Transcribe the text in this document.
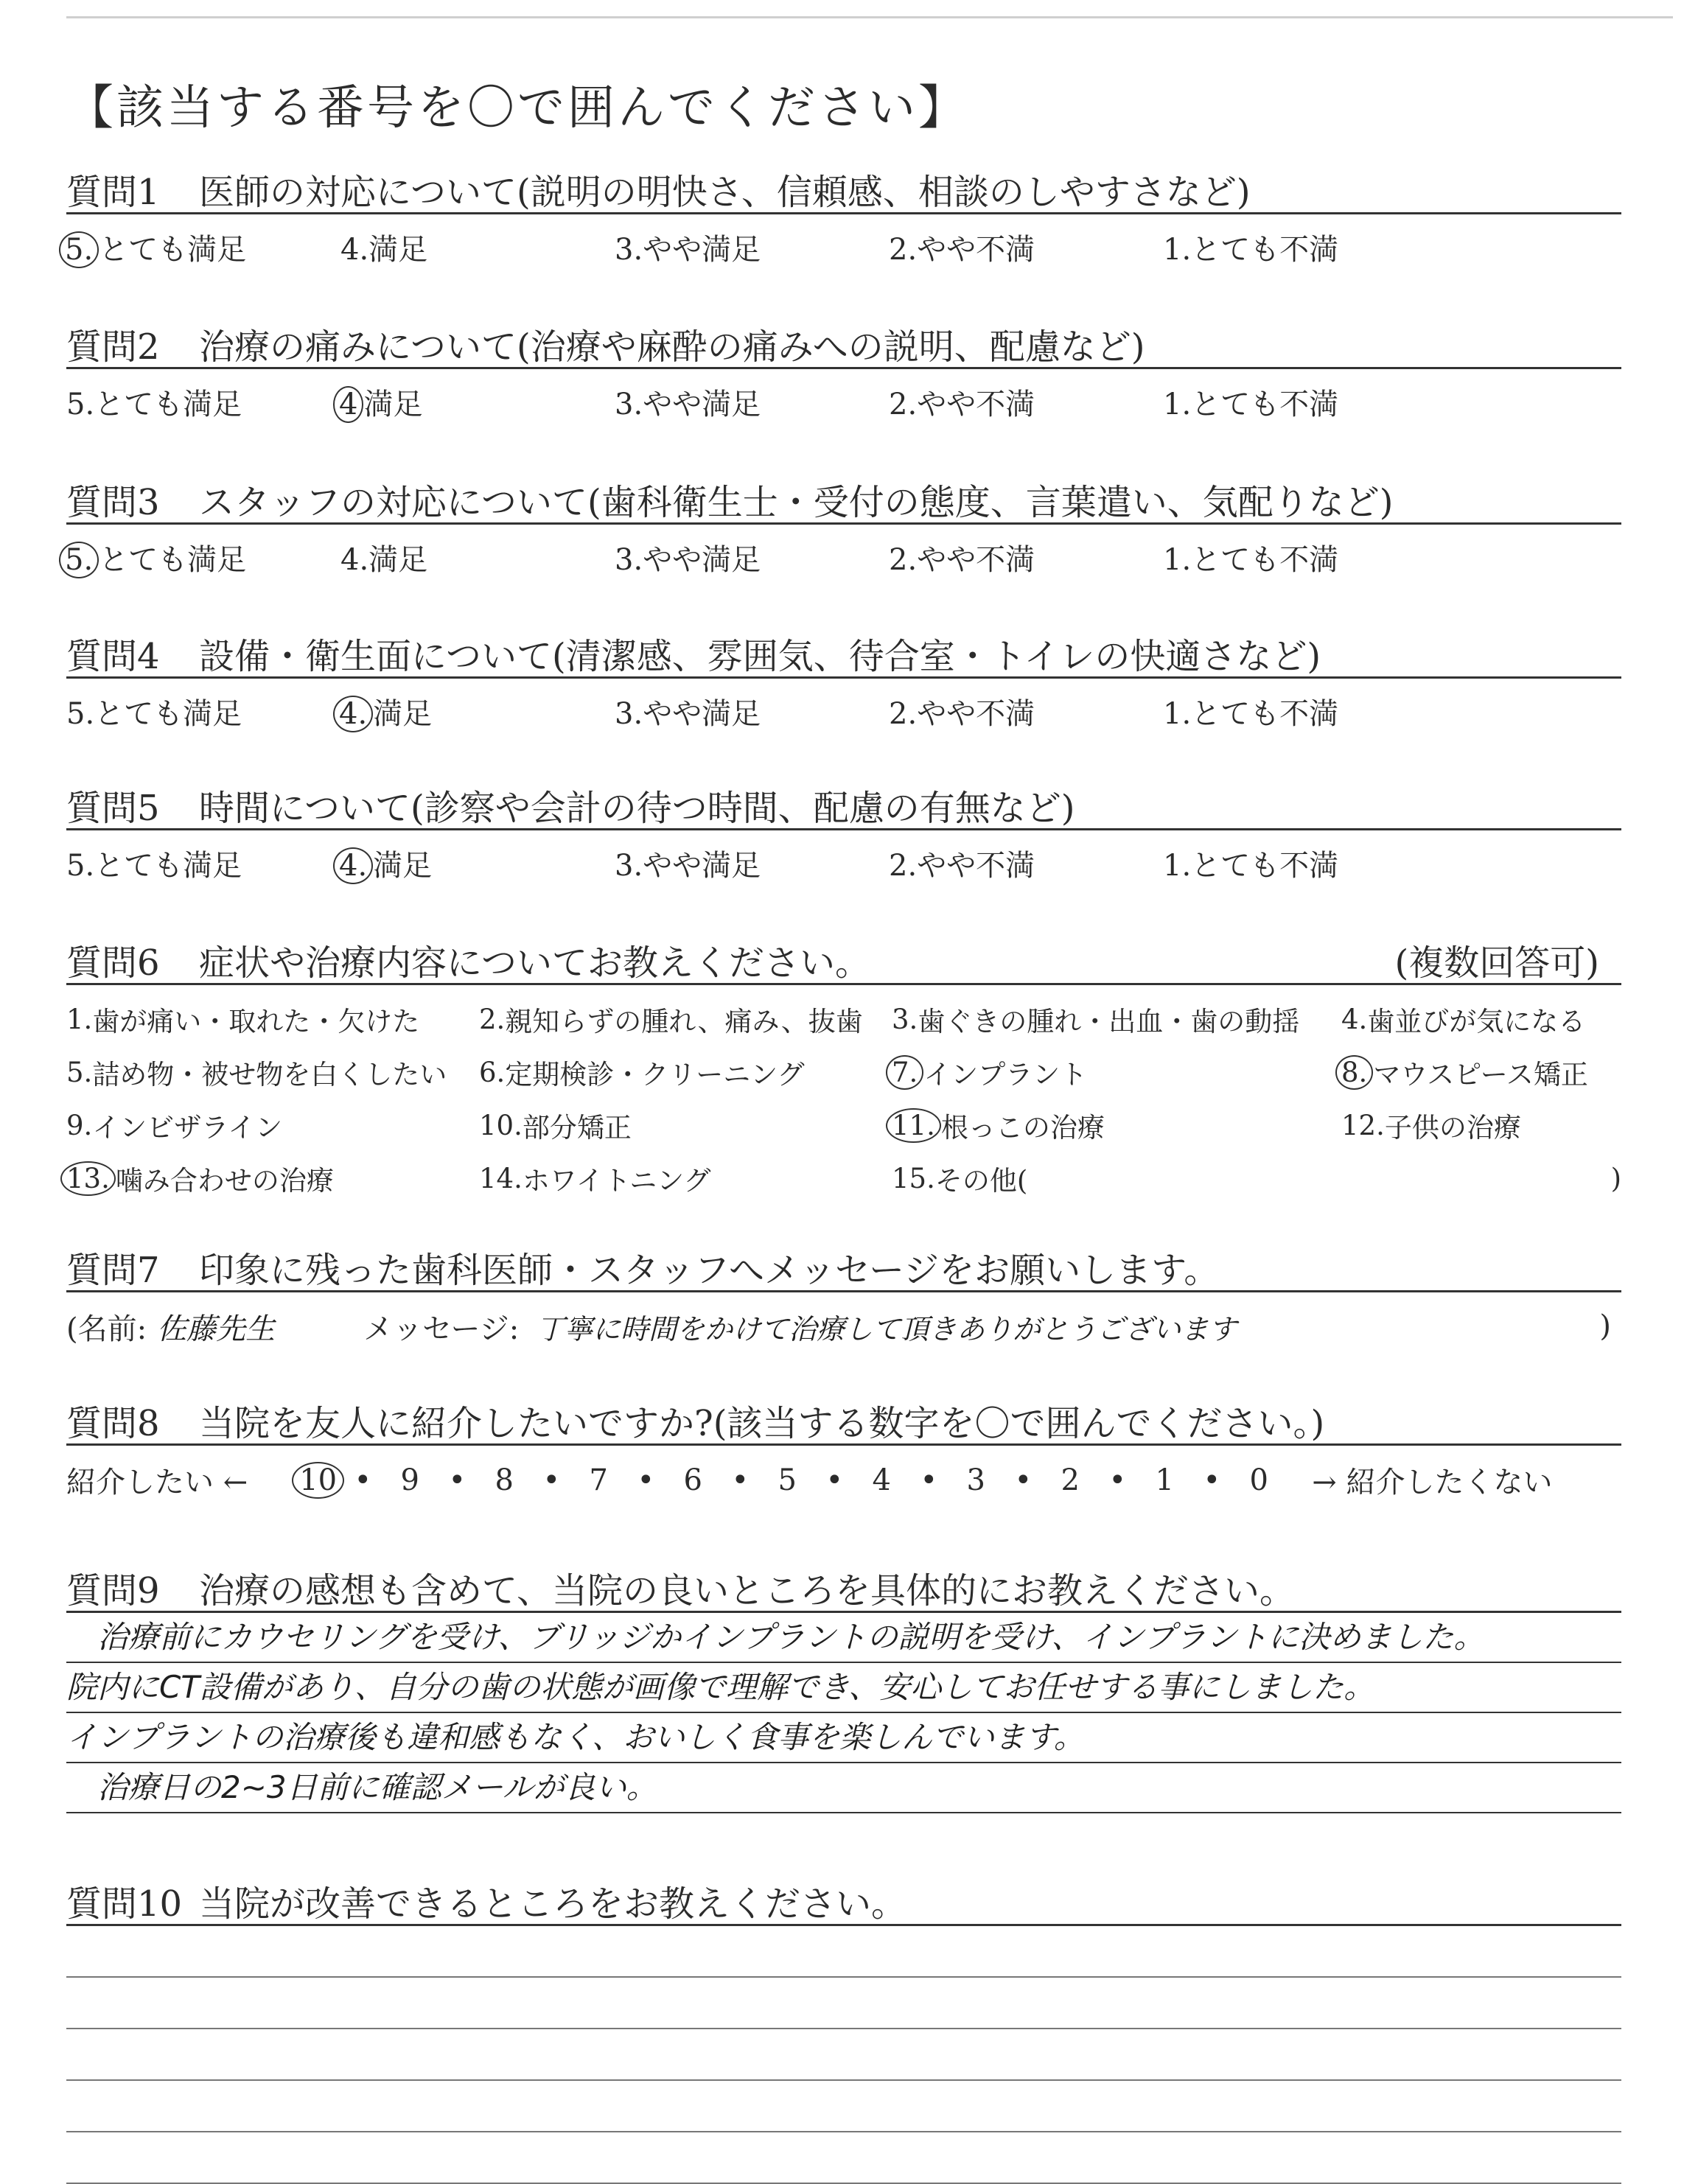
【該当する番号を〇で囲んでください】
質問1	医師の対応について(説明の明快さ、信頼感、相談のしやすさなど)
5. とても満足	4.満足	3.やや満足	2.やや不満	1.とても不満
質問2	治療の痛みについて(治療や麻酔の痛みへの説明、配慮など)
5.とても満足	4 満足	3.やや満足	2.やや不満	1.とても不満
質問3	スタッフの対応について(歯科衛生士・受付の態度、言葉遣い、気配りなど)
5. とても満足	4.満足	3.やや満足	2.やや不満	1.とても不満
質問4	設備・衛生面について(清潔感、雰囲気、待合室・トイレの快適さなど)
5.とても満足	4. 満足	3.やや満足	2.やや不満	1.とても不満
質問5	時間について(診察や会計の待つ時間、配慮の有無など)
5.とても満足	4. 満足	3.やや満足	2.やや不満	1.とても不満
質問6	症状や治療内容についてお教えください。	(複数回答可)
1. 歯が痛い・取れた・欠けた 2. 親知らずの腫れ、痛み、抜歯 3. 歯ぐきの腫れ・出血・歯の動揺 4. 歯並びが気になる
5. 詰め物・被せ物を白くしたい 6. 定期検診・クリーニング	7. インプラント	8. マウスピース矯正
9. インビザライン	10. 部分矯正	11. 根っこの治療	12. 子供の治療
13. 噛み合わせの治療	14. ホワイトニング	15. その他(	)
質問7	印象に残った歯科医師・スタッフへメッセージをお願いします。
(名前: 佐藤先生	メッセージ: 丁寧に時間をかけて治療して頂きありがとうございます	)
質問8	当院を友人に紹介したいですか?(該当する数字を〇で囲んでください。)
紹介したい ← 10 • 9 • 8 • 7 • 6 • 5 • 4 • 3 • 2 • 1 • 0	→ 紹介したくない
質問9	治療の感想も含めて、当院の良いところを具体的にお教えください。
　治療前にカウセリングを受け、ブリッジかインプラントの説明を受け、インプラントに決めました。
院内にCT設備があり、自分の歯の状態が画像で理解でき、安心してお任せする事にしました。
インプラントの治療後も違和感もなく、おいしく食事を楽しんでいます。
　治療日の2~3日前に確認メールが良い。
質問10 当院が改善できるところをお教えください。
